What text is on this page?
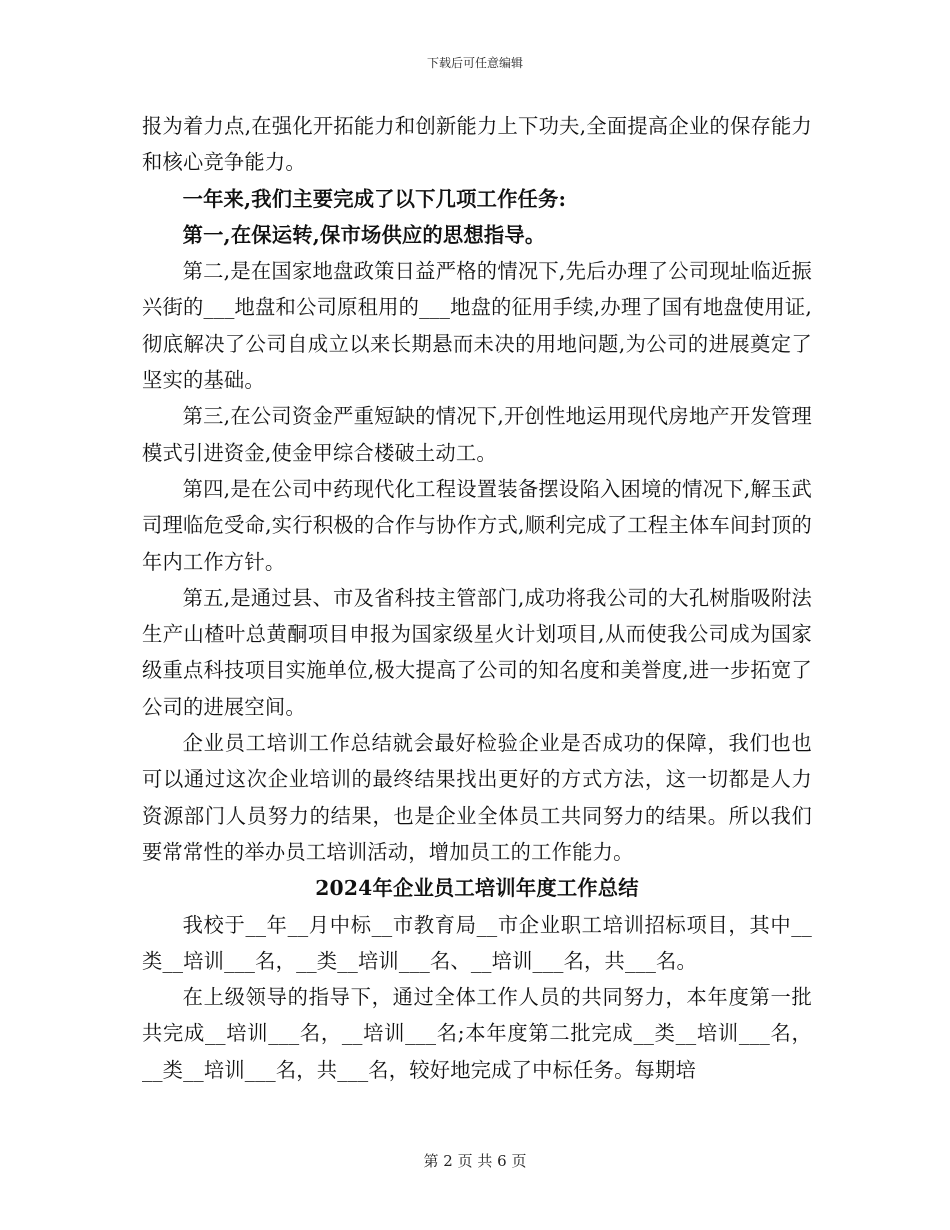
下载后可任意编辑

报为着力点,在强化开拓能力和创新能力上下功夫,全面提高企业的保存能力和核心竞争能力。

一年来,我们主要完成了以下几项工作任务:

第一,在保运转,保市场供应的思想指导。

第二,是在国家地盘政策日益严格的情况下,先后办理了公司现址临近振兴街的___地盘和公司原租用的___地盘的征用手续,办理了国有地盘使用证,彻底解决了公司自成立以来长期悬而未决的用地问题,为公司的进展奠定了坚实的基础。

第三,在公司资金严重短缺的情况下,开创性地运用现代房地产开发管理模式引进资金,使金甲综合楼破土动工。

第四,是在公司中药现代化工程设置装备摆设陷入困境的情况下,解玉武司理临危受命,实行积极的合作与协作方式,顺利完成了工程主体车间封顶的年内工作方针。

第五,是通过县、市及省科技主管部门,成功将我公司的大孔树脂吸附法生产山楂叶总黄酮项目申报为国家级星火计划项目,从而使我公司成为国家级重点科技项目实施单位,极大提高了公司的知名度和美誉度,进一步拓宽了公司的进展空间。

企业员工培训工作总结就会最好检验企业是否成功的保障，我们也也可以通过这次企业培训的最终结果找出更好的方式方法，这一切都是人力资源部门人员努力的结果，也是企业全体员工共同努力的结果。所以我们要常常性的举办员工培训活动，增加员工的工作能力。

2024年企业员工培训年度工作总结

我校于__年__月中标__市教育局__市企业职工培训招标项目，其中__类__培训___名，__类__培训___名、__培训___名，共___名。

在上级领导的指导下，通过全体工作人员的共同努力，本年度第一批共完成__培训___名，__培训___名;本年度第二批完成__类__培训___名，__类__培训___名，共___名，较好地完成了中标任务。每期培

第 2 页 共 6 页
